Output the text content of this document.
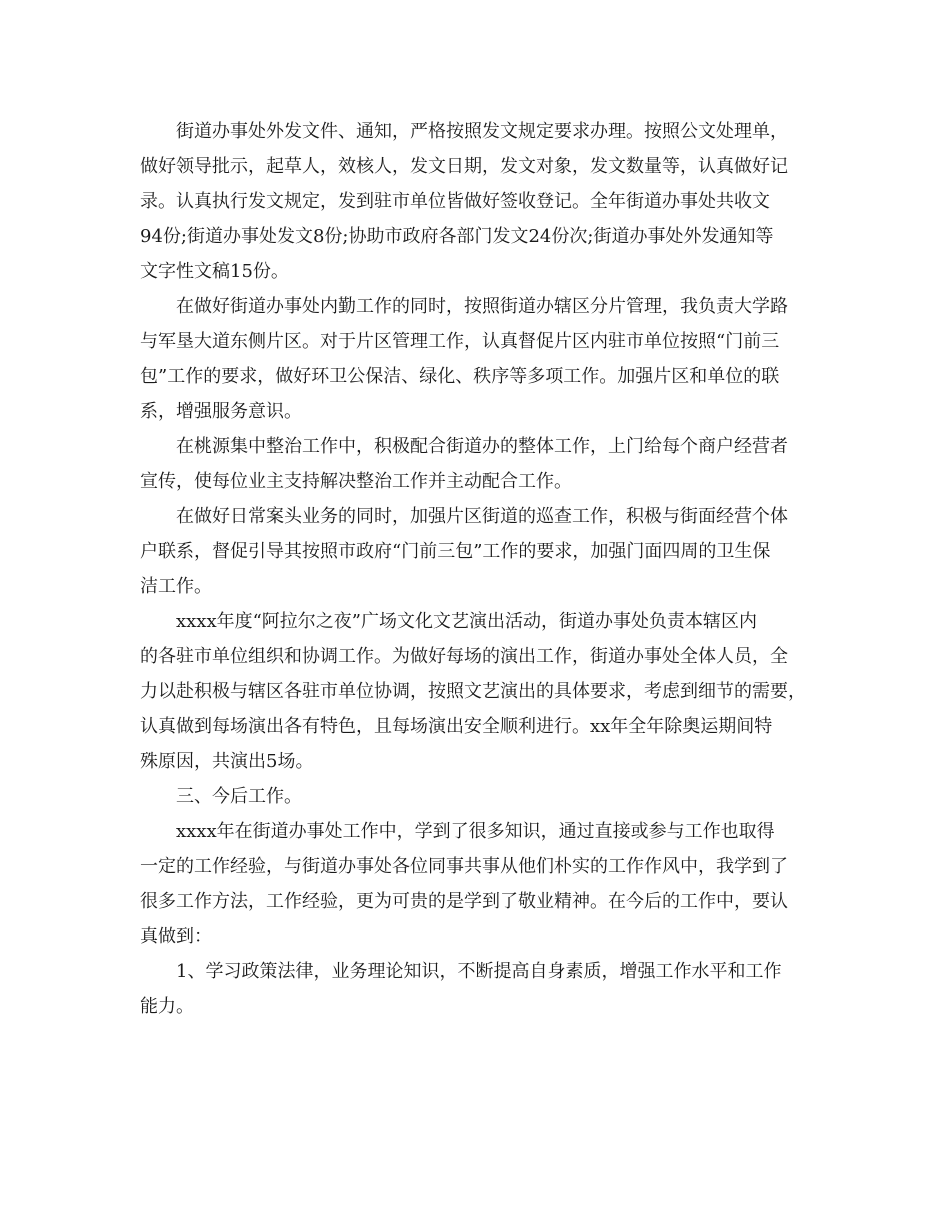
街道办事处外发文件、通知，严格按照发文规定要求办理。按照公文处理单，
做好领导批示，起草人，效核人，发文日期，发文对象，发文数量等，认真做好记
录。认真执行发文规定，发到驻市单位皆做好签收登记。全年街道办事处共收文
94份;街道办事处发文8份;协助市政府各部门发文24份次;街道办事处外发通知等
文字性文稿15份。

在做好街道办事处内勤工作的同时，按照街道办辖区分片管理，我负责大学路
与军垦大道东侧片区。对于片区管理工作，认真督促片区内驻市单位按照“门前三
包”工作的要求，做好环卫公保洁、绿化、秩序等多项工作。加强片区和单位的联
系，增强服务意识。

在桃源集中整治工作中，积极配合街道办的整体工作，上门给每个商户经营者
宣传，使每位业主支持解决整治工作并主动配合工作。

在做好日常案头业务的同时，加强片区街道的巡查工作，积极与街面经营个体
户联系，督促引导其按照市政府“门前三包”工作的要求，加强门面四周的卫生保
洁工作。

xxxx年度“阿拉尔之夜”广场文化文艺演出活动，街道办事处负责本辖区内
的各驻市单位组织和协调工作。为做好每场的演出工作，街道办事处全体人员，全
力以赴积极与辖区各驻市单位协调，按照文艺演出的具体要求，考虑到细节的需要，
认真做到每场演出各有特色，且每场演出安全顺利进行。xx年全年除奥运期间特
殊原因，共演出5场。

三、今后工作。

xxxx年在街道办事处工作中，学到了很多知识，通过直接或参与工作也取得
一定的工作经验，与街道办事处各位同事共事从他们朴实的工作作风中，我学到了
很多工作方法，工作经验，更为可贵的是学到了敬业精神。在今后的工作中，要认
真做到：

1、学习政策法律，业务理论知识，不断提高自身素质，增强工作水平和工作
能力。
